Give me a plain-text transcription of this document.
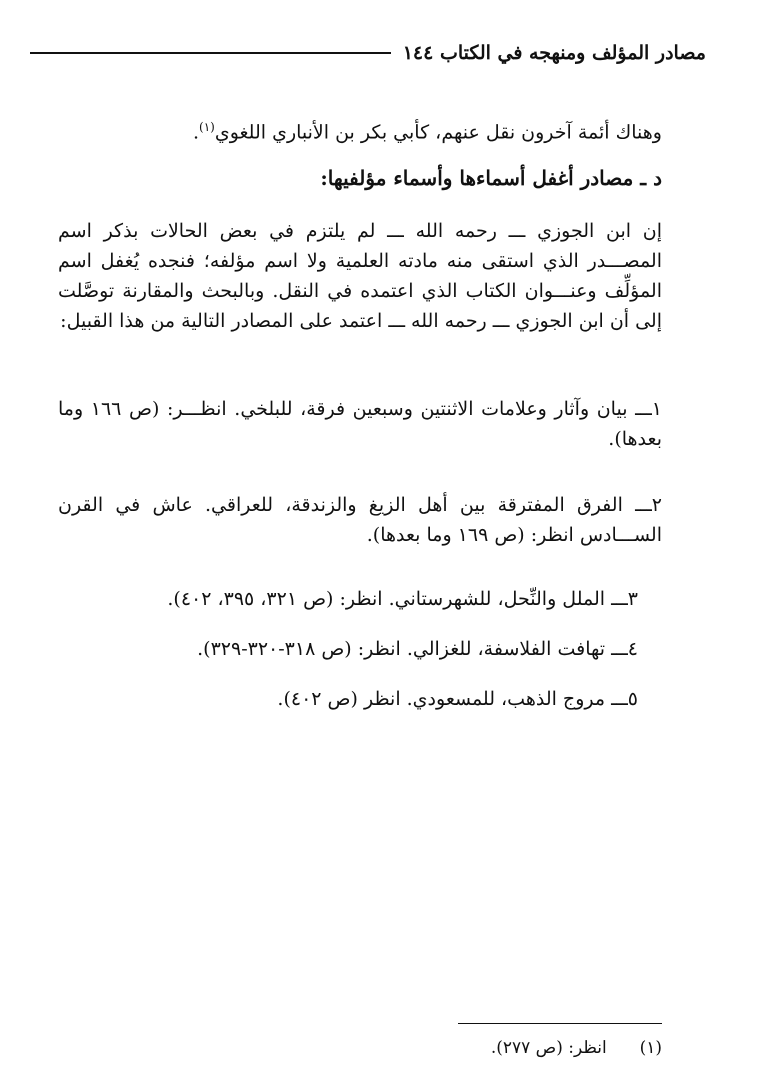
مصادر المؤلف ومنهجه في الكتاب ١٤٤
وهناك أئمة آخرون نقل عنهم، كأبي بكر بن الأنباري اللغوي$^{(١)}$.
د ـ مصادر أغفل أسماءها وأسماء مؤلفيها:
إن ابن الجوزي ـــ رحمه الله ـــ لم يلتزم في بعض الحالات بذكر اسم المصـــدر الذي استقى منه مادته العلمية ولا اسم مؤلفه؛ فنجده يُغفل اسم المؤلِّف وعنـــوان الكتاب الذي اعتمده في النقل. وبالبحث والمقارنة توصَّلت إلى أن ابن الجوزي ـــ رحمه الله ـــ اعتمد على المصادر التالية من هذا القبيل:
١ـــ بيان وآثار وعلامات الاثنتين وسبعين فرقة، للبلخي. انظـــر: (ص ١٦٦ وما بعدها).
٢ـــ الفرق المفترقة بين أهل الزيغ والزندقة، للعراقي. عاش في القرن الســـادس انظر: (ص ١٦٩ وما بعدها).
٣ـــ الملل والنِّحل، للشهرستاني. انظر: (ص ٣٢١، ٣٩٥، ٤٠٢).
٤ـــ تهافت الفلاسفة، للغزالي. انظر: (ص ٣١٨-٣٢٠-٣٢٩).
٥ـــ مروج الذهب، للمسعودي. انظر (ص ٤٠٢).
(١)  انظر: (ص ٢٧٧).
